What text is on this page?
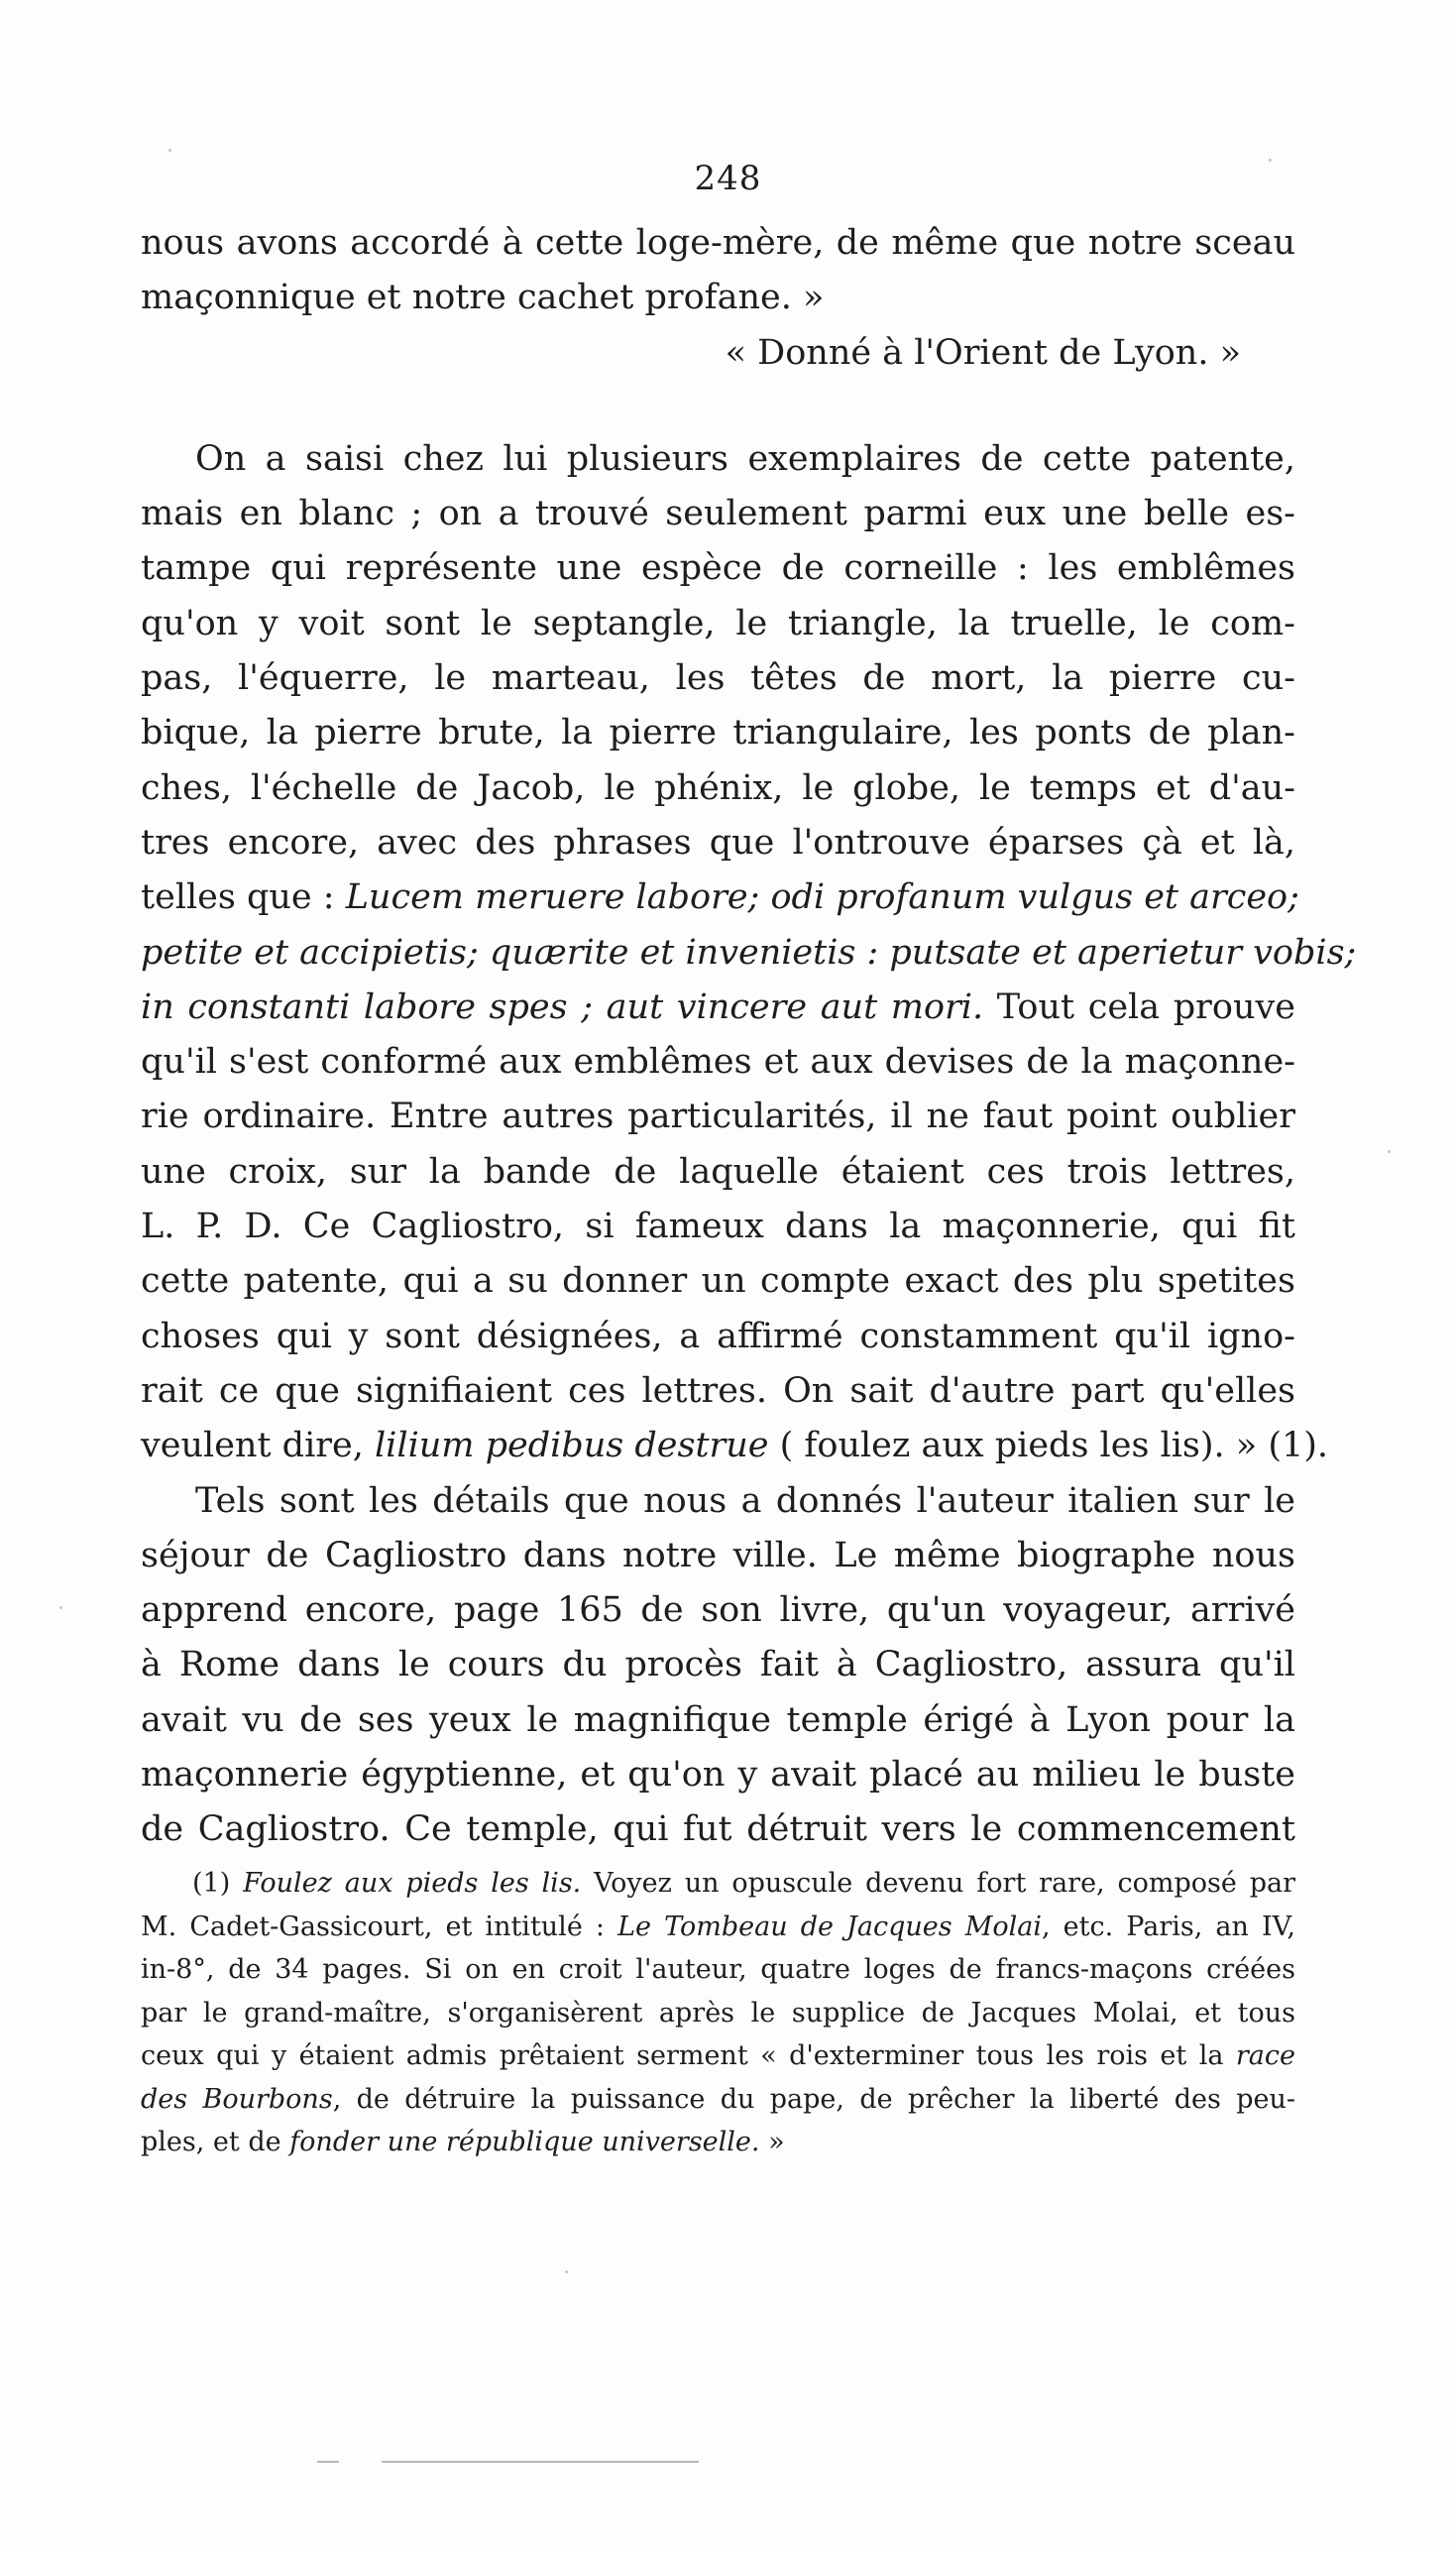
248
nous avons accordé à cette loge-mère, de même que notre sceau
maçonnique et notre cachet profane. »
« Donné à l'Orient de Lyon. »
On a saisi chez lui plusieurs exemplaires de cette patente,
mais en blanc ; on a trouvé seulement parmi eux une belle es-
tampe qui représente une espèce de corneille : les emblêmes
qu'on y voit sont le septangle, le triangle, la truelle, le com-
pas, l'équerre, le marteau, les têtes de mort, la pierre cu-
bique, la pierre brute, la pierre triangulaire, les ponts de plan-
ches, l'échelle de Jacob, le phénix, le globe, le temps et d'au-
tres encore, avec des phrases que l'ontrouve éparses çà et là,
telles que : Lucem meruere labore; odi profanum vulgus et arceo;
petite et accipietis; quærite et invenietis : putsate et aperietur vobis;
in constanti labore spes ; aut vincere aut mori. Tout cela prouve
qu'il s'est conformé aux emblêmes et aux devises de la maçonne-
rie ordinaire. Entre autres particularités, il ne faut point oublier
une croix, sur la bande de laquelle étaient ces trois lettres,
L. P. D. Ce Cagliostro, si fameux dans la maçonnerie, qui fit
cette patente, qui a su donner un compte exact des plu spetites
choses qui y sont désignées, a affirmé constamment qu'il igno-
rait ce que signifiaient ces lettres. On sait d'autre part qu'elles
veulent dire, lilium pedibus destrue ( foulez aux pieds les lis). » (1).
Tels sont les détails que nous a donnés l'auteur italien sur le
séjour de Cagliostro dans notre ville. Le même biographe nous
apprend encore, page 165 de son livre, qu'un voyageur, arrivé
à Rome dans le cours du procès fait à Cagliostro, assura qu'il
avait vu de ses yeux le magnifique temple érigé à Lyon pour la
maçonnerie égyptienne, et qu'on y avait placé au milieu le buste
de Cagliostro. Ce temple, qui fut détruit vers le commencement
(1) Foulez aux pieds les lis. Voyez un opuscule devenu fort rare, composé par
M. Cadet-Gassicourt, et intitulé : Le Tombeau de Jacques Molai, etc. Paris, an IV,
in-8°, de 34 pages. Si on en croit l'auteur, quatre loges de francs-maçons créées
par le grand-maître, s'organisèrent après le supplice de Jacques Molai, et tous
ceux qui y étaient admis prêtaient serment « d'exterminer tous les rois et la race
des Bourbons, de détruire la puissance du pape, de prêcher la liberté des peu-
ples, et de fonder une république universelle. »
